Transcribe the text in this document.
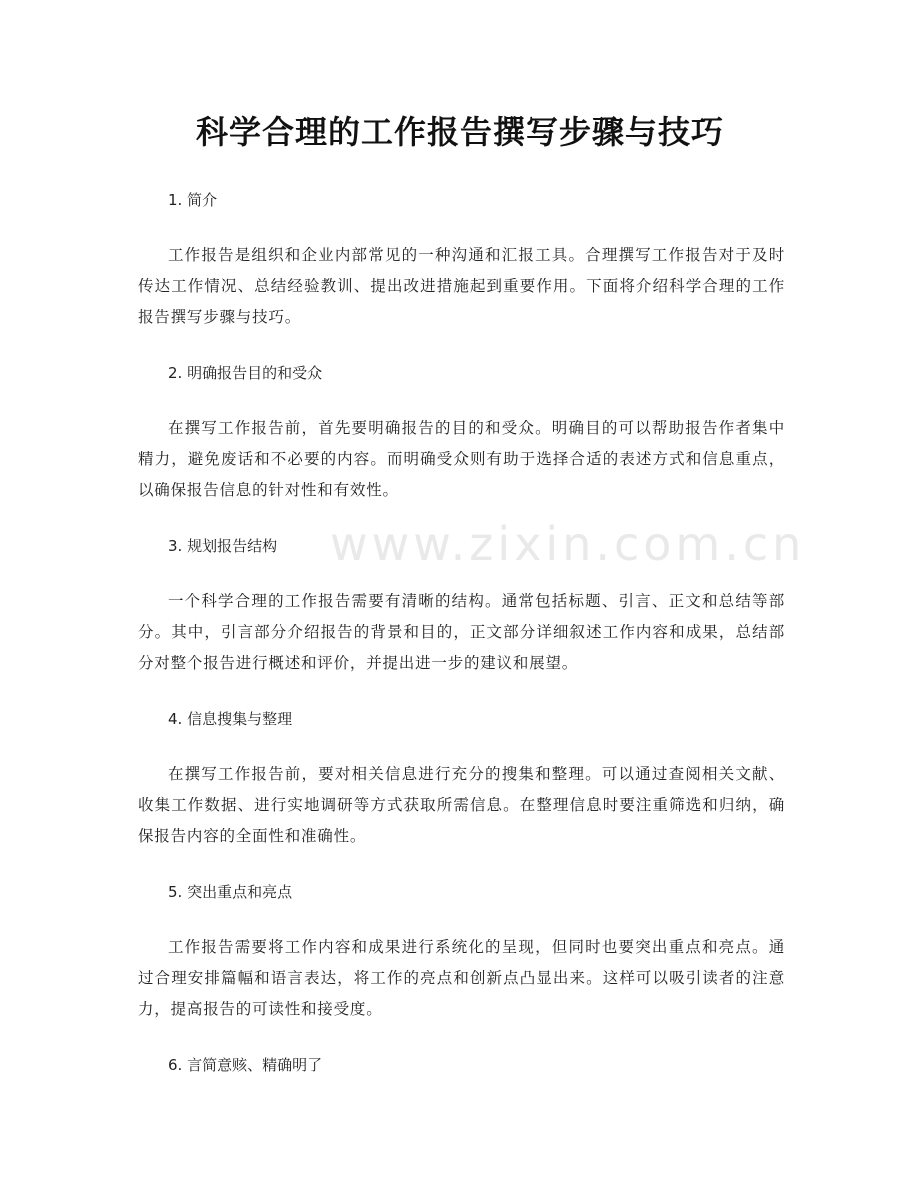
www.zixin.com.cn
科学合理的工作报告撰写步骤与技巧

1. 简介

工作报告是组织和企业内部常见的一种沟通和汇报工具。合理撰写工作报告对于及时传达工作情况、总结经验教训、提出改进措施起到重要作用。下面将介绍科学合理的工作报告撰写步骤与技巧。

2. 明确报告目的和受众

在撰写工作报告前，首先要明确报告的目的和受众。明确目的可以帮助报告作者集中精力，避免废话和不必要的内容。而明确受众则有助于选择合适的表述方式和信息重点，以确保报告信息的针对性和有效性。

3. 规划报告结构

一个科学合理的工作报告需要有清晰的结构。通常包括标题、引言、正文和总结等部分。其中，引言部分介绍报告的背景和目的，正文部分详细叙述工作内容和成果，总结部分对整个报告进行概述和评价，并提出进一步的建议和展望。

4. 信息搜集与整理

在撰写工作报告前，要对相关信息进行充分的搜集和整理。可以通过查阅相关文献、收集工作数据、进行实地调研等方式获取所需信息。在整理信息时要注重筛选和归纳，确保报告内容的全面性和准确性。

5. 突出重点和亮点

工作报告需要将工作内容和成果进行系统化的呈现，但同时也要突出重点和亮点。通过合理安排篇幅和语言表达，将工作的亮点和创新点凸显出来。这样可以吸引读者的注意力，提高报告的可读性和接受度。

6. 言简意赅、精确明了
